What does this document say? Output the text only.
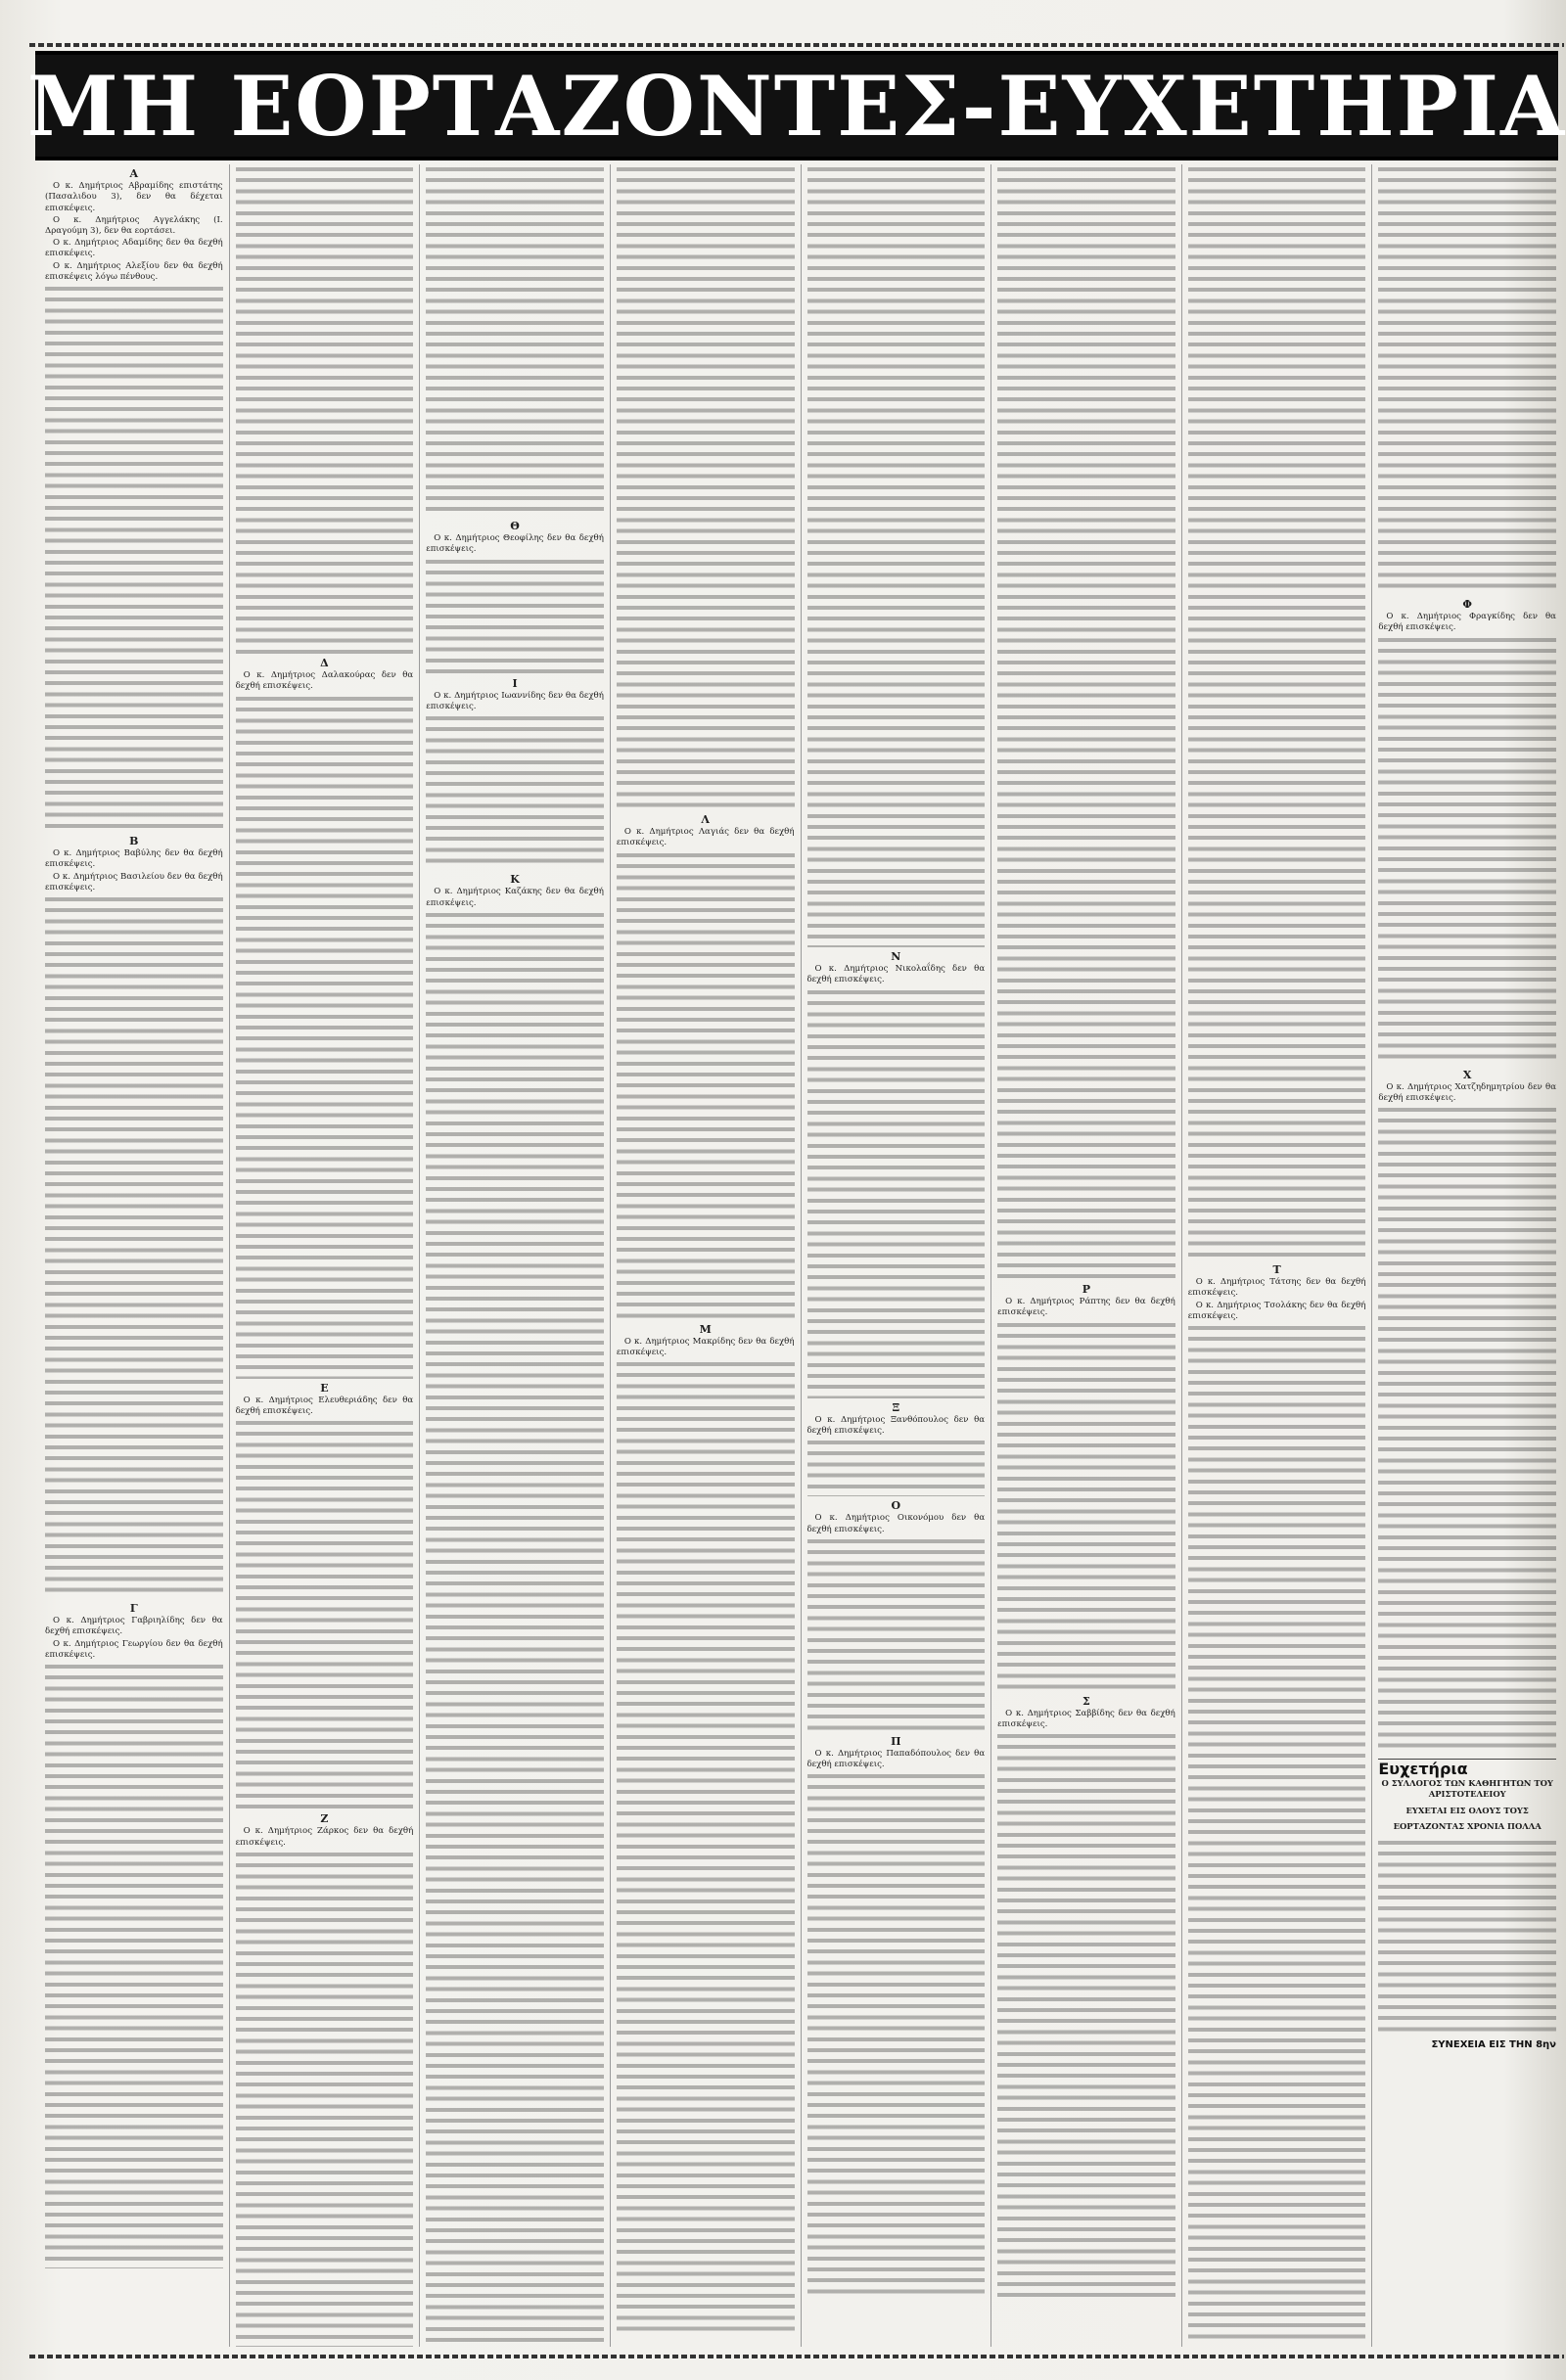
ΜΗ ΕΟΡΤΑΖΟΝΤΕΣ-ΕΥΧΕΤΗΡΙΑ
Α

Ο κ. Δημήτριος Αβραμίδης επιστάτης (Πασαλιδου 3), δεν θα δέχεται επισκέψεις.

Ο κ. Δημήτριος Αγγελάκης (Ι. Δραγούμη 3), δεν θα εορτάσει.

Ο κ. Δημήτριος Αδαμίδης δεν θα δεχθή επισκέψεις.

Ο κ. Δημήτριος Αλεξίου δεν θα δεχθή επισκέψεις λόγω πένθους.

Β

Ο κ. Δημήτριος Βαβύλης δεν θα δεχθή επισκέψεις.

Ο κ. Δημήτριος Βασιλείου δεν θα δεχθή επισκέψεις.

Γ

Ο κ. Δημήτριος Γαβριηλίδης δεν θα δεχθή επισκέψεις.

Ο κ. Δημήτριος Γεωργίου δεν θα δεχθή επισκέψεις.

Δ

Ο κ. Δημήτριος Δαλακούρας δεν θα δεχθή επισκέψεις.

Ε

Ο κ. Δημήτριος Ελευθεριάδης δεν θα δεχθή επισκέψεις.

Ζ

Ο κ. Δημήτριος Ζάρκος δεν θα δεχθή επισκέψεις.

Θ

Ο κ. Δημήτριος Θεοφίλης δεν θα δεχθή επισκέψεις.

Ι

Ο κ. Δημήτριος Ιωαννίδης δεν θα δεχθή επισκέψεις.

Κ

Ο κ. Δημήτριος Καζάκης δεν θα δεχθή επισκέψεις.

Λ

Ο κ. Δημήτριος Λαγιάς δεν θα δεχθή επισκέψεις.

Μ

Ο κ. Δημήτριος Μακρίδης δεν θα δεχθή επισκέψεις.

Ν

Ο κ. Δημήτριος Νικολαΐδης δεν θα δεχθή επισκέψεις.

Ξ

Ο κ. Δημήτριος Ξανθόπουλος δεν θα δεχθή επισκέψεις.

Ο

Ο κ. Δημήτριος Οικονόμου δεν θα δεχθή επισκέψεις.

Π

Ο κ. Δημήτριος Παπαδόπουλος δεν θα δεχθή επισκέψεις.

Ρ

Ο κ. Δημήτριος Ράπτης δεν θα δεχθή επισκέψεις.

Σ

Ο κ. Δημήτριος Σαββίδης δεν θα δεχθή επισκέψεις.

Τ

Ο κ. Δημήτριος Τάτσης δεν θα δεχθή επισκέψεις.

Ο κ. Δημήτριος Τσολάκης δεν θα δεχθή επισκέψεις.

Φ

Ο κ. Δημήτριος Φραγκίδης δεν θα δεχθή επισκέψεις.

Χ

Ο κ. Δημήτριος Χατζηδημητρίου δεν θα δεχθή επισκέψεις.

Ευχετήρια
Ο ΣΥΛΛΟΓΟΣ ΤΩΝ ΚΑΘΗΓΗΤΩΝ ΤΟΥ ΑΡΙΣΤΟΤΕΛΕΙΟΥ
ΕΥΧΕΤΑΙ ΕΙΣ ΟΛΟΥΣ ΤΟΥΣ
ΕΟΡΤΑΖΟΝΤΑΣ ΧΡΟΝΙΑ ΠΟΛΛΑ
ΣΥΝΕΧΕΙΑ ΕΙΣ ΤΗΝ 8ην
